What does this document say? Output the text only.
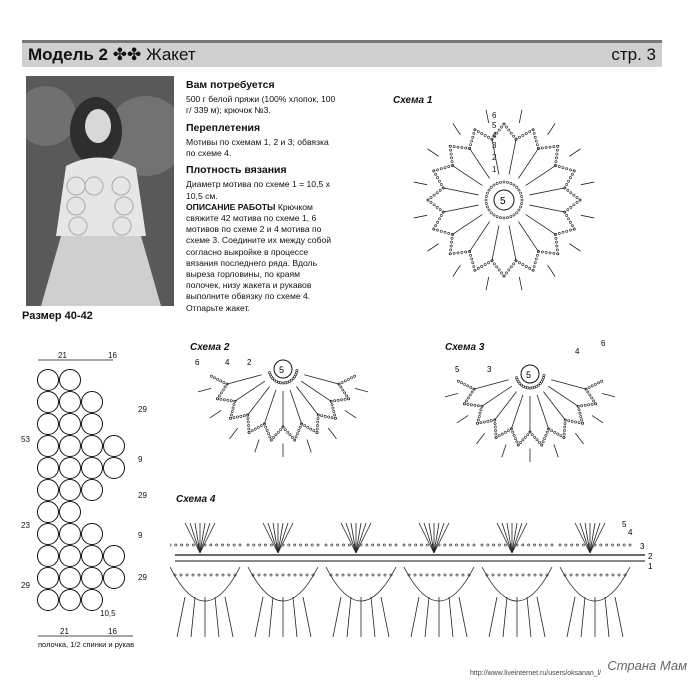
Модель 2 ✤✤ Жакет	стр. 3
Размер 40-42
Вам потребуется
500 г белой пряжи (100% хлопок, 100 г/ 339 м); крючок №3.
Переплетения
Мотивы по схемам 1, 2 и 3; обвязка по схеме 4.
Плотность вязания
Диаметр мотива по схеме 1 = 10,5 x 10,5 см.
ОПИСАНИЕ РАБОТЫ Крючком свяжите 42 мотива по схеме 1, 6 мотивов по схеме 2 и 4 мотива по схеме 3. Соедините их между собой согласно выкройке в процессе вязания последнего ряда. Вдоль выреза горловины, по краям полочек, низу жакета и рукавов выполните обвязку по схеме 4. Отпарьте жакет.
Схема 1
Схема 2	Схема 3
Схема 4
5
6
5
4
3
2
1
5
6	4 2
5
5	3
4
6
5
4
3
2
1
21	16
21	16
53
23
29
29
9
29
9
29
10,5
полочка, 1/2 спинки и рукав
Страна Мам
http://www.liveinternet.ru/users/oksanan_l/
